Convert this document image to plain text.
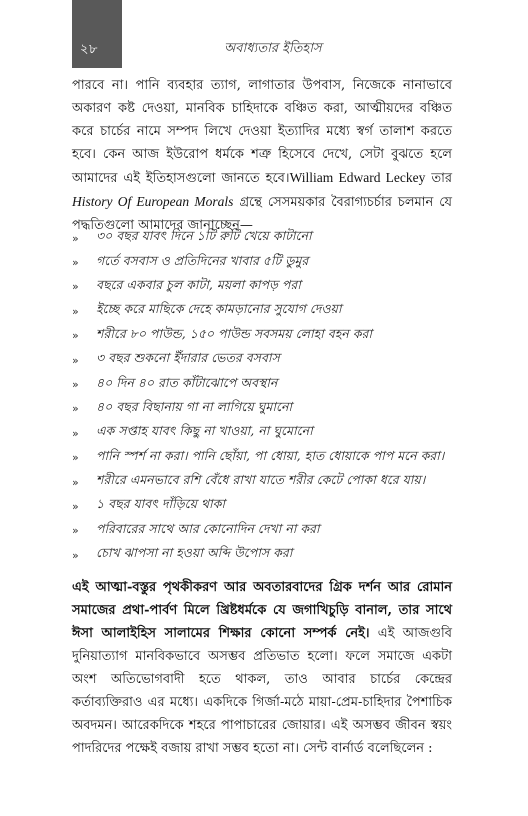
২৮	অবাধ্যতার ইতিহাস
পারবে না। পানি ব্যবহার ত্যাগ, লাগাতার উপবাস, নিজেকে নানাভাবে অকারণ কষ্ট দেওয়া, মানবিক চাহিদাকে বঞ্চিত করা, আত্মীয়দের বঞ্চিত করে চার্চের নামে সম্পদ লিখে দেওয়া ইত্যাদির মধ্যে স্বর্গ তালাশ করতে হবে। কেন আজ ইউরোপ ধর্মকে শত্রু হিসেবে দেখে, সেটা বুঝতে হলে আমাদের এই ইতিহাসগুলো জানতে হবে।William Edward Leckey তার History Of European Morals গ্রন্থে সেসময়কার বৈরাগ্যচর্চার চলমান যে পদ্ধতিগুলো আমাদের জানাচ্ছেন—
»	৩০ বছর যাবৎ দিনে ১টি রুটি খেয়ে কাটানো
»	গর্তে বসবাস ও প্রতিদিনের খাবার ৫টি ডুমুর
»	বছরে একবার চুল কাটা, ময়লা কাপড় পরা
»	ইচ্ছে করে মাছিকে দেহে কামড়ানোর সুযোগ দেওয়া
»	শরীরে ৮০ পাউন্ড, ১৫০ পাউন্ড সবসময় লোহা বহন করা
»	৩ বছর শুকনো ইঁদারার ভেতর বসবাস
»	৪০ দিন ৪০ রাত কাঁটাঝোপে অবস্থান
»	৪০ বছর বিছানায় গা না লাগিয়ে ঘুমানো
»	এক সপ্তাহ যাবৎ কিছু না খাওয়া, না ঘুমোনো
»	পানি স্পর্শ না করা। পানি ছোঁয়া, পা ধোয়া, হাত ধোয়াকে পাপ মনে করা।
»	শরীরে এমনভাবে রশি বেঁধে রাখা যাতে শরীর কেটে পোকা ধরে যায়।
»	১ বছর যাবৎ দাঁড়িয়ে থাকা
»	পরিবারের সাথে আর কোনোদিন দেখা না করা
»	চোখ ঝাপসা না হওয়া অব্দি উপোস করা
এই আত্মা-বস্তুর পৃথকীকরণ আর অবতারবাদের গ্রিক দর্শন আর রোমান সমাজের প্রথা-পার্বণ মিলে খ্রিষ্টধর্মকে যে জগাখিচুড়ি বানাল, তার সাথে ঈসা আলাইহিস সালামের শিক্ষার কোনো সম্পর্ক নেই। এই আজগুবি দুনিয়াত্যাগ মানবিকভাবে অসম্ভব প্রতিভাত হলো। ফলে সমাজে একটা অংশ অতিভোগবাদী হতে থাকল, তাও আবার চার্চের কেন্দ্রের কর্তাব্যক্তিরাও এর মধ্যে। একদিকে গির্জা-মঠে মায়া-প্রেম-চাহিদার পৈশাচিক অবদমন। আরেকদিকে শহরে পাপাচারের জোয়ার। এই অসম্ভব জীবন স্বয়ং পাদরিদের পক্ষেই বজায় রাখা সম্ভব হতো না। সেন্ট বার্নার্ড বলেছিলেন :
